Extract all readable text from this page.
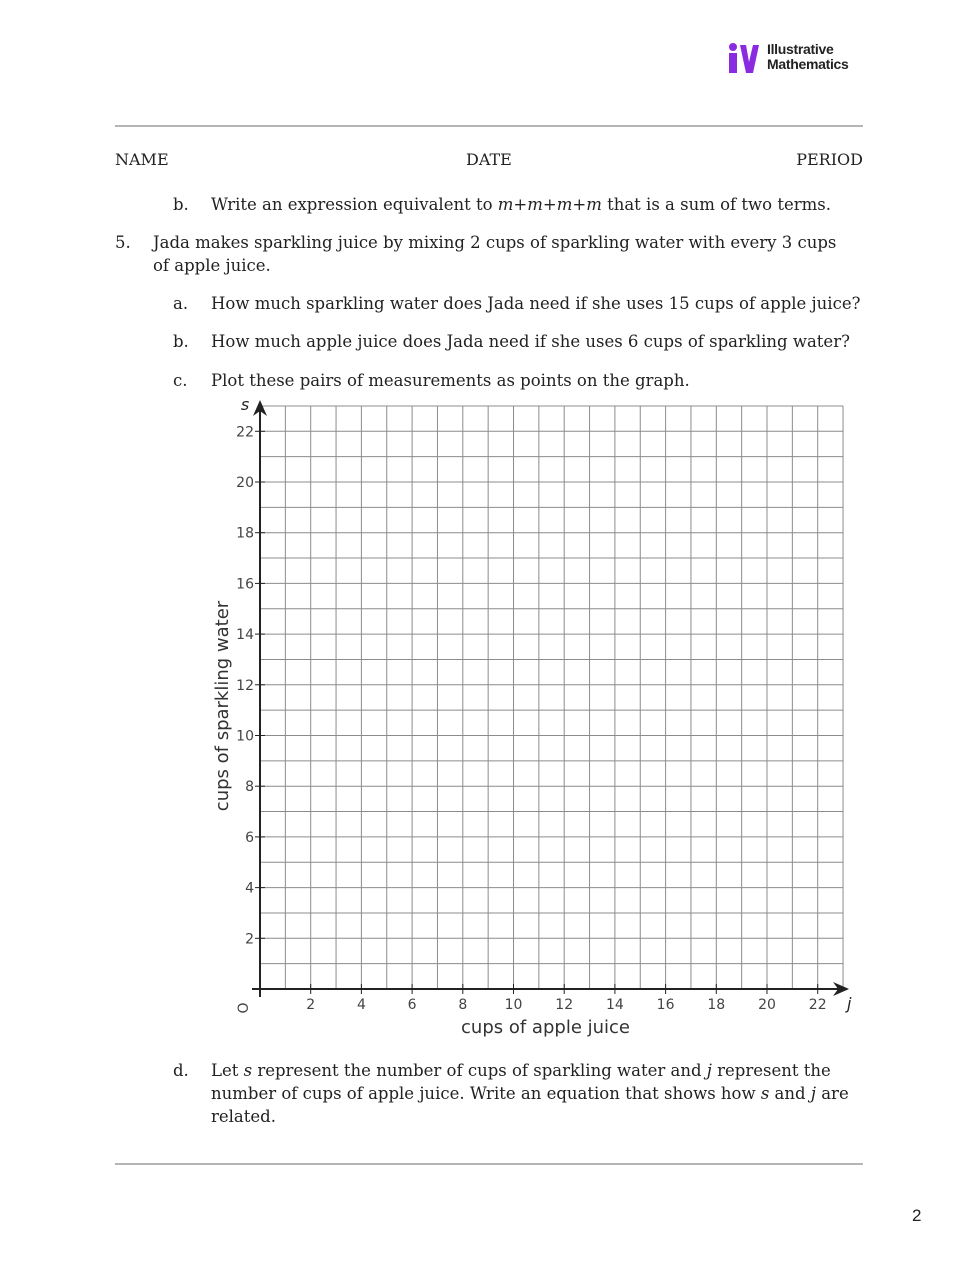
Illustrative
Mathematics
NAME	DATE	PERIOD
b. Write an expression equivalent to m+m+m+m that is a sum of two terms.
5. Jada makes sparkling juice by mixing 2 cups of sparkling water with every 3 cups of apple juice.
a. How much sparkling water does Jada need if she uses 15 cups of apple juice?
b. How much apple juice does Jada need if she uses 6 cups of sparkling water?
c. Plot these pairs of measurements as points on the graph.
2	4	6	8	10 12 14 16 18 20 22
2
4
6
8
10
12
14
16
18
20
22
O	j
s
cups of apple juice
cups of sparkling water
d. Let s represent the number of cups of sparkling water and j represent the
number of cups of apple juice. Write an equation that shows how s and j are
related.
2
